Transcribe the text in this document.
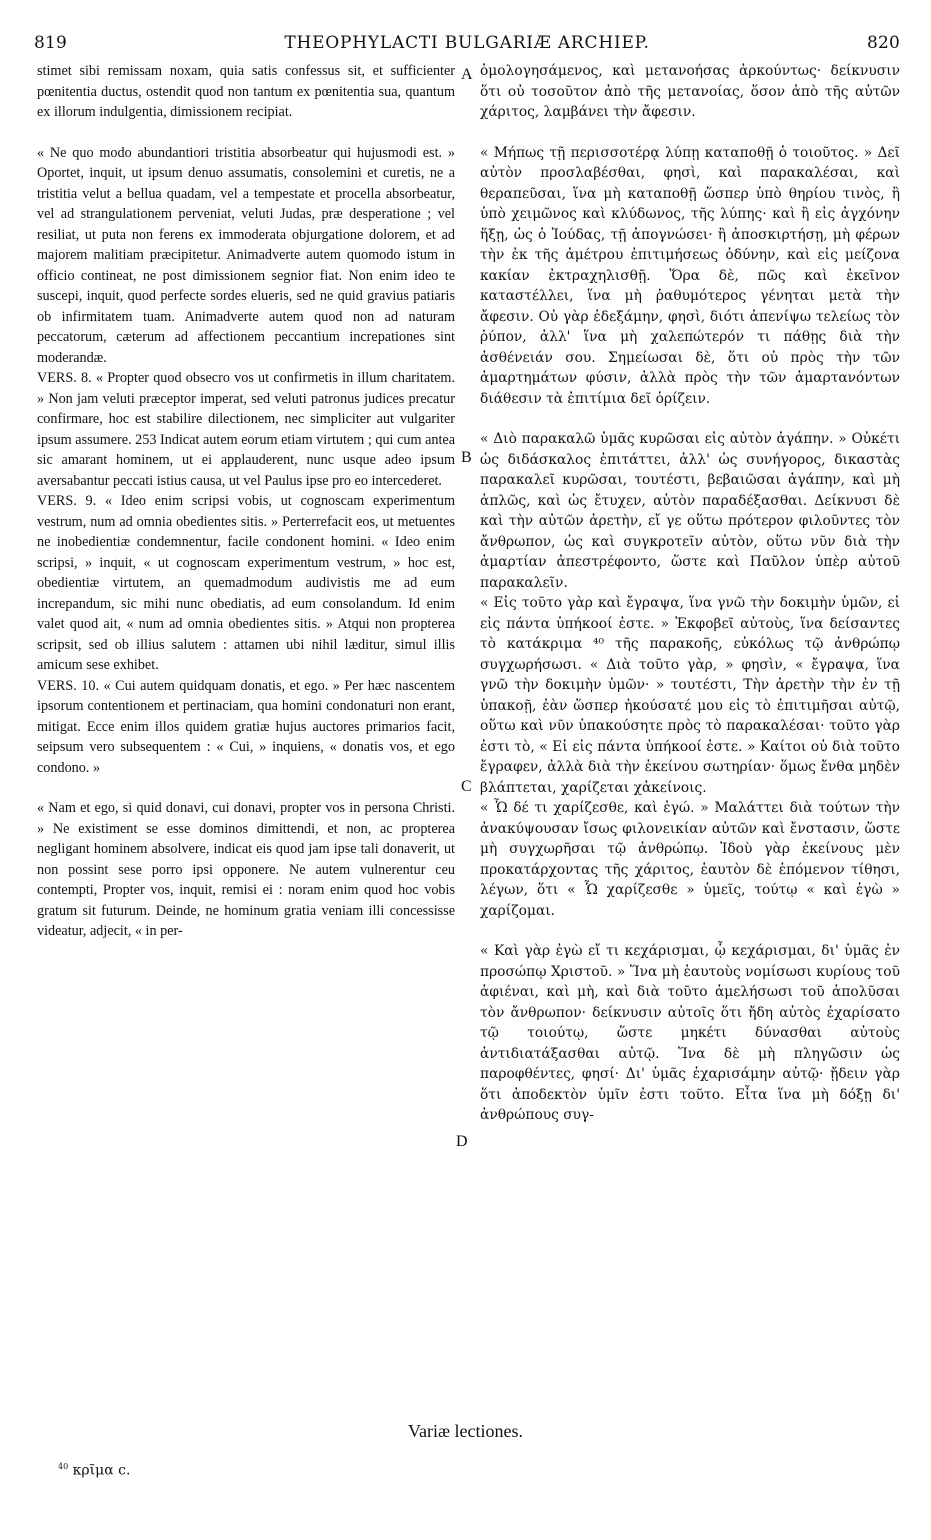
819	THEOPHYLACTI BULGARIÆ ARCHIEP.	820

stimet sibi remissam noxam, quia satis confessus sit, et sufficienter pœnitentia ductus, ostendit quod non tantum ex pœnitentia sua, quantum ex illorum indulgentia, dimissionem recipiat.

« Ne quo modo abundantiori tristitia absorbeatur qui hujusmodi est. » Oportet, inquit, ut ipsum denuo assumatis, consolemini et curetis, ne a tristitia velut a bellua quadam, vel a tempestate et procella absorbeatur, vel ad strangulationem perveniat, veluti Judas, præ desperatione ; vel resiliat, ut puta non ferens ex immoderata objurgatione dolorem, et ad majorem malitiam præcipitetur. Animadverte autem quomodo istum in officio contineat, ne post dimissionem segnior fiat. Non enim ideo te suscepi, inquit, quod perfecte sordes elueris, sed ne quid gravius patiaris ob infirmitatem tuam. Animadverte autem quod non ad naturam peccatorum, cæterum ad affectionem peccantium increpationes sint moderandæ.

VERS. 8. « Propter quod obsecro vos ut confirmetis in illum charitatem. » Non jam veluti præceptor imperat, sed veluti patronus judices precatur confirmare, hoc est stabilire dilectionem, nec simpliciter aut vulgariter ipsum assumere. 253 Indicat autem eorum etiam virtutem ; qui cum antea sic amarant hominem, ut ei applauderent, nunc usque adeo ipsum aversabantur peccati istius causa, ut vel Paulus ipse pro eo intercederet.

VERS. 9. « Ideo enim scripsi vobis, ut cognoscam experimentum vestrum, num ad omnia obedientes sitis. » Perterrefacit eos, ut metuentes ne inobedientiæ condemnentur, facile condonent homini. « Ideo enim scripsi, » inquit, « ut cognoscam experimentum vestrum, » hoc est, obedientiæ virtutem, an quemadmodum audivistis me ad eum increpandum, sic mihi nunc obediatis, ad eum consolandum. Id enim valet quod ait, « num ad omnia obedientes sitis. » Atqui non propterea scripsit, sed ob illius salutem : attamen ubi nihil læditur, simul illis amicum sese exhibet.

VERS. 10. « Cui autem quidquam donatis, et ego. » Per hæc nascentem ipsorum contentionem et pertinaciam, qua homini condonaturi non erant, mitigat. Ecce enim illos quidem gratiæ hujus auctores primarios facit, seipsum vero subsequentem : « Cui, » inquiens, « donatis vos, et ego condono. »

« Nam et ego, si quid donavi, cui donavi, propter vos in persona Christi. » Ne existiment se esse dominos dimittendi, et non, ac propterea negligant hominem absolvere, indicat eis quod jam ipse tali donaverit, ut non possint sese porro ipsi opponere. Ne autem vulnerentur ceu contempti, Propter vos, inquit, remisi ei : noram enim quod hoc vobis gratum sit futurum. Deinde, ne hominum gratia veniam illi concessisse videatur, adjecit, « in per-

A
B
C
D

ὁμολογησάμενος, καὶ μετανοήσας ἀρκούντως· δείκνυσιν ὅτι οὐ τοσοῦτον ἀπὸ τῆς μετανοίας, ὅσον ἀπὸ τῆς αὐτῶν χάριτος, λαμβάνει τὴν ἄφεσιν.

« Μήπως τῇ περισσοτέρᾳ λύπῃ καταποθῇ ὁ τοιοῦτος. » Δεῖ αὐτὸν προσλαβέσθαι, φησὶ, καὶ παρακαλέσαι, καὶ θεραπεῦσαι, ἵνα μὴ καταποθῇ ὥσπερ ὑπὸ θηρίου τινὸς, ἢ ὑπὸ χειμῶνος καὶ κλύδωνος, τῆς λύπης· καὶ ἢ εἰς ἀγχόνην ἥξῃ, ὡς ὁ Ἰούδας, τῇ ἀπογνώσει· ἢ ἀποσκιρτήσῃ, μὴ φέρων τὴν ἐκ τῆς ἀμέτρου ἐπιτιμήσεως ὀδύνην, καὶ εἰς μείζονα κακίαν ἐκτραχηλισθῇ. Ὅρα δὲ, πῶς καὶ ἐκεῖνον καταστέλλει, ἵνα μὴ ῥαθυμότερος γένηται μετὰ τὴν ἄφεσιν. Οὐ γὰρ ἐδεξάμην, φησὶ, διότι ἀπενίψω τελείως τὸν ῥύπον, ἀλλ' ἵνα μὴ χαλεπώτερόν τι πάθῃς διὰ τὴν ἀσθένειάν σου. Σημείωσαι δὲ, ὅτι οὐ πρὸς τὴν τῶν ἁμαρτημάτων φύσιν, ἀλλὰ πρὸς τὴν τῶν ἁμαρτανόντων διάθεσιν τὰ ἐπιτίμια δεῖ ὁρίζειν.

« Διὸ παρακαλῶ ὑμᾶς κυρῶσαι εἰς αὐτὸν ἀγάπην. » Οὐκέτι ὡς διδάσκαλος ἐπιτάττει, ἀλλ' ὡς συνήγορος, δικαστὰς παρακαλεῖ κυρῶσαι, τουτέστι, βεβαιῶσαι ἀγάπην, καὶ μὴ ἁπλῶς, καὶ ὡς ἔτυχεν, αὐτὸν παραδέξασθαι. Δείκνυσι δὲ καὶ τὴν αὐτῶν ἀρετὴν, εἴ γε οὕτω πρότερον φιλοῦντες τὸν ἄνθρωπον, ὡς καὶ συγκροτεῖν αὐτὸν, οὕτω νῦν διὰ τὴν ἁμαρτίαν ἀπεστρέφοντο, ὥστε καὶ Παῦλον ὑπὲρ αὐτοῦ παρακαλεῖν.

« Εἰς τοῦτο γὰρ καὶ ἔγραψα, ἵνα γνῶ τὴν δοκιμὴν ὑμῶν, εἰ εἰς πάντα ὑπήκοοί ἐστε. » Ἐκφοβεῖ αὐτοὺς, ἵνα δείσαντες τὸ κατάκριμα ⁴⁰ τῆς παρακοῆς, εὐκόλως τῷ ἀνθρώπῳ συγχωρήσωσι. « Διὰ τοῦτο γὰρ, » φησὶν, « ἔγραψα, ἵνα γνῶ τὴν δοκιμὴν ὑμῶν· » τουτέστι, Τὴν ἀρετὴν τὴν ἐν τῇ ὑπακοῇ, ἐὰν ὥσπερ ἠκούσατέ μου εἰς τὸ ἐπιτιμῆσαι αὐτῷ, οὕτω καὶ νῦν ὑπακούσητε πρὸς τὸ παρακαλέσαι· τοῦτο γὰρ ἐστι τὸ, « Εἰ εἰς πάντα ὑπήκοοί ἐστε. » Καίτοι οὐ διὰ τοῦτο ἔγραφεν, ἀλλὰ διὰ τὴν ἐκείνου σωτηρίαν· ὅμως ἔνθα μηδὲν βλάπτεται, χαρίζεται χἀκείνοις.

« Ὧ δέ τι χαρίζεσθε, καὶ ἐγώ. » Μαλάττει διὰ τούτων τὴν ἀνακύψουσαν ἴσως φιλονεικίαν αὐτῶν καὶ ἔνστασιν, ὥστε μὴ συγχωρῆσαι τῷ ἀνθρώπῳ. Ἰδοὺ γὰρ ἐκείνους μὲν προκατάρχοντας τῆς χάριτος, ἑαυτὸν δὲ ἑπόμενον τίθησι, λέγων, ὅτι « Ὧ χαρίζεσθε » ὑμεῖς, τούτῳ « καὶ ἐγὼ » χαρίζομαι.

« Καὶ γὰρ ἐγὼ εἴ τι κεχάρισμαι, ᾧ κεχάρισμαι, δι' ὑμᾶς ἐν προσώπῳ Χριστοῦ. » Ἵνα μὴ ἑαυτοὺς νομίσωσι κυρίους τοῦ ἀφιέναι, καὶ μὴ, καὶ διὰ τοῦτο ἀμελήσωσι τοῦ ἀπολῦσαι τὸν ἄνθρωπον· δείκνυσιν αὐτοῖς ὅτι ἤδη αὐτὸς ἐχαρίσατο τῷ τοιούτῳ, ὥστε μηκέτι δύνασθαι αὐτοὺς ἀντιδιατάξασθαι αὐτῷ. Ἵνα δὲ μὴ πληγῶσιν ὡς παροφθέντες, φησί· Δι' ὑμᾶς ἐχαρισάμην αὐτῷ· ᾔδειν γὰρ ὅτι ἀποδεκτὸν ὑμῖν ἐστι τοῦτο. Εἶτα ἵνα μὴ δόξῃ δι' ἀνθρώπους συγ-

Variæ lectiones.
$^{40}$ κρῖμα c.
